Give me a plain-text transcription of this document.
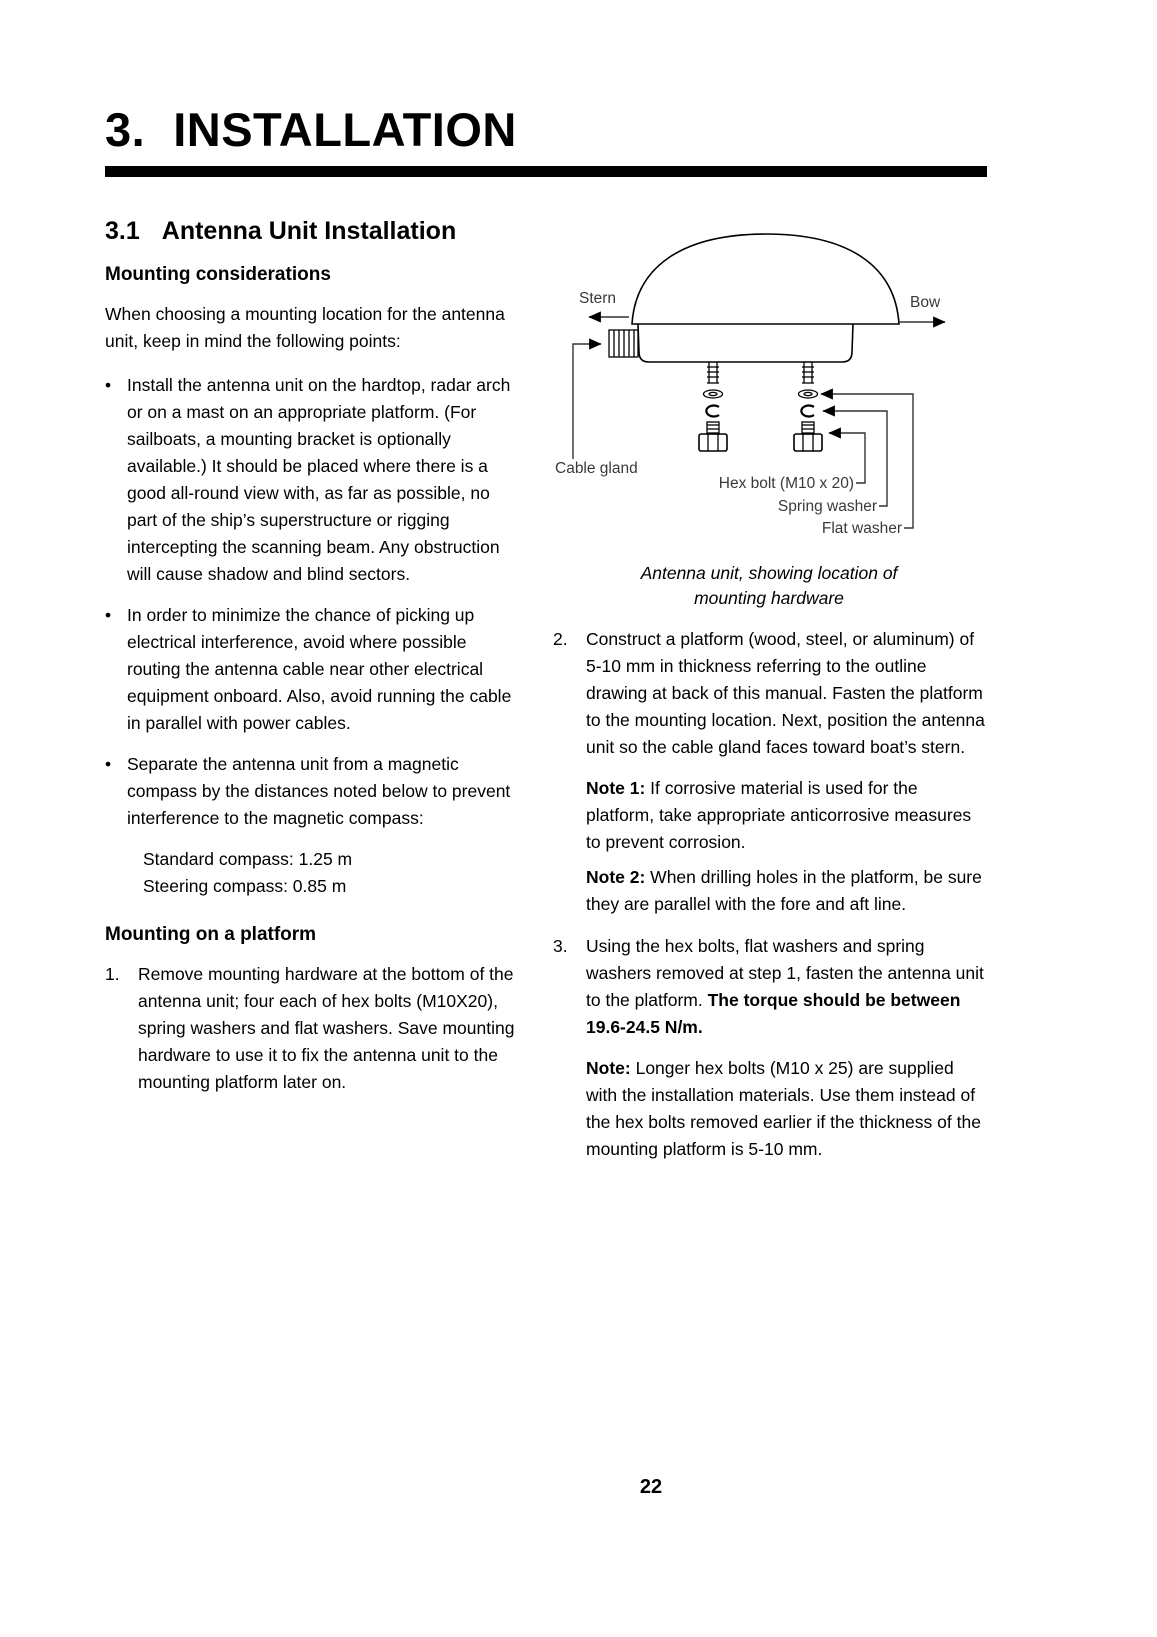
3. INSTALLATION
3.1 Antenna Unit Installation
Mounting considerations

When choosing a mounting location for the antenna unit, keep in mind the following points:

• Install the antenna unit on the hardtop, radar arch or on a mast on an appropriate platform. (For sailboats, a mounting bracket is optionally available.) It should be placed where there is a good all-round view with, as far as possible, no part of the ship’s superstructure or rigging intercepting the scanning beam. Any obstruction will cause shadow and blind sectors.

• In order to minimize the chance of picking up electrical interference, avoid where possible routing the antenna cable near other electrical equipment onboard. Also, avoid running the cable in parallel with power cables.

• Separate the antenna unit from a magnetic compass by the distances noted below to prevent interference to the magnetic compass:

Standard compass: 1.25 m

Steering compass: 0.85 m

Mounting on a platform
1.	Remove mounting hardware at the bottom of the antenna unit; four each of hex bolts (M10X20), spring washers and flat washers. Save mounting hardware to use it to fix the antenna unit to the mounting platform later on.

Stern	Bow
Cable gland
Hex bolt (M10 x 20)
Spring washer
Flat washer
Antenna unit, showing location of
mounting hardware
2.	Construct a platform (wood, steel, or aluminum) of 5-10 mm in thickness referring to the outline drawing at back of this manual. Fasten the platform to the mounting location. Next, position the antenna unit so the cable gland faces toward boat’s stern.

Note 1: If corrosive material is used for the platform, take appropriate anticorrosive measures to prevent corrosion.

Note 2: When drilling holes in the platform, be sure they are parallel with the fore and aft line.

3.	Using the hex bolts, flat washers and spring washers removed at step 1, fasten the antenna unit to the platform. The torque should be between 19.6-24.5 N/m.

Note: Longer hex bolts (M10 x 25) are supplied with the installation materials. Use them instead of the hex bolts removed earlier if the thickness of the mounting platform is 5-10 mm.

22
